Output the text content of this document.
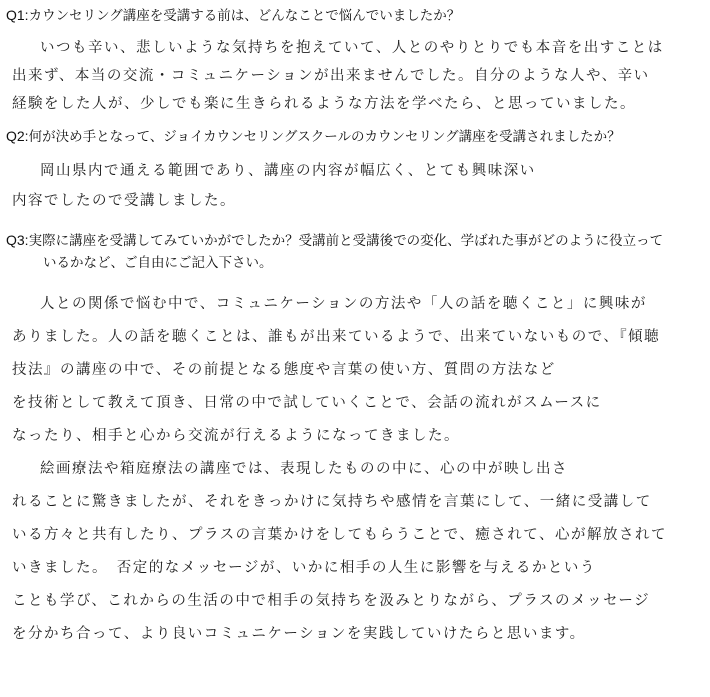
Q1:カウンセリング講座を受講する前は、どんなことで悩んでいましたか？
いつも辛い、悲しいような気持ちを抱えていて、人とのやりとりでも本音を出すことは
出来ず、本当の交流・コミュニケーションが出来ませんでした。自分のような人や、辛い
経験をした人が、少しでも楽に生きられるような方法を学べたら、と思っていました。
Q2:何が決め手となって、ジョイカウンセリングスクールのカウンセリング講座を受講されましたか？
岡山県内で通える範囲であり、講座の内容が幅広く、とても興味深い
内容でしたので受講しました。
Q3:実際に講座を受講してみていかがでしたか？受講前と受講後での変化、学ばれた事がどのように役立って
いるかなど、ご自由にご記入下さい。
人との関係で悩む中で、コミュニケーションの方法や「人の話を聴くこと」に興味が
ありました。人の話を聴くことは、誰もが出来ているようで、出来ていないもので、『傾聴
技法』の講座の中で、その前提となる態度や言葉の使い方、質問の方法など
を技術として教えて頂き、日常の中で試していくことで、会話の流れがスムースに
なったり、相手と心から交流が行えるようになってきました。
絵画療法や箱庭療法の講座では、表現したものの中に、心の中が映し出さ
れることに驚きましたが、それをきっかけに気持ちや感情を言葉にして、一緒に受講して
いる方々と共有したり、プラスの言葉かけをしてもらうことで、癒されて、心が解放されて
いきました。　否定的なメッセージが、いかに相手の人生に影響を与えるかという
ことも学び、これからの生活の中で相手の気持ちを汲みとりながら、プラスのメッセージ
を分かち合って、より良いコミュニケーションを実践していけたらと思います。
